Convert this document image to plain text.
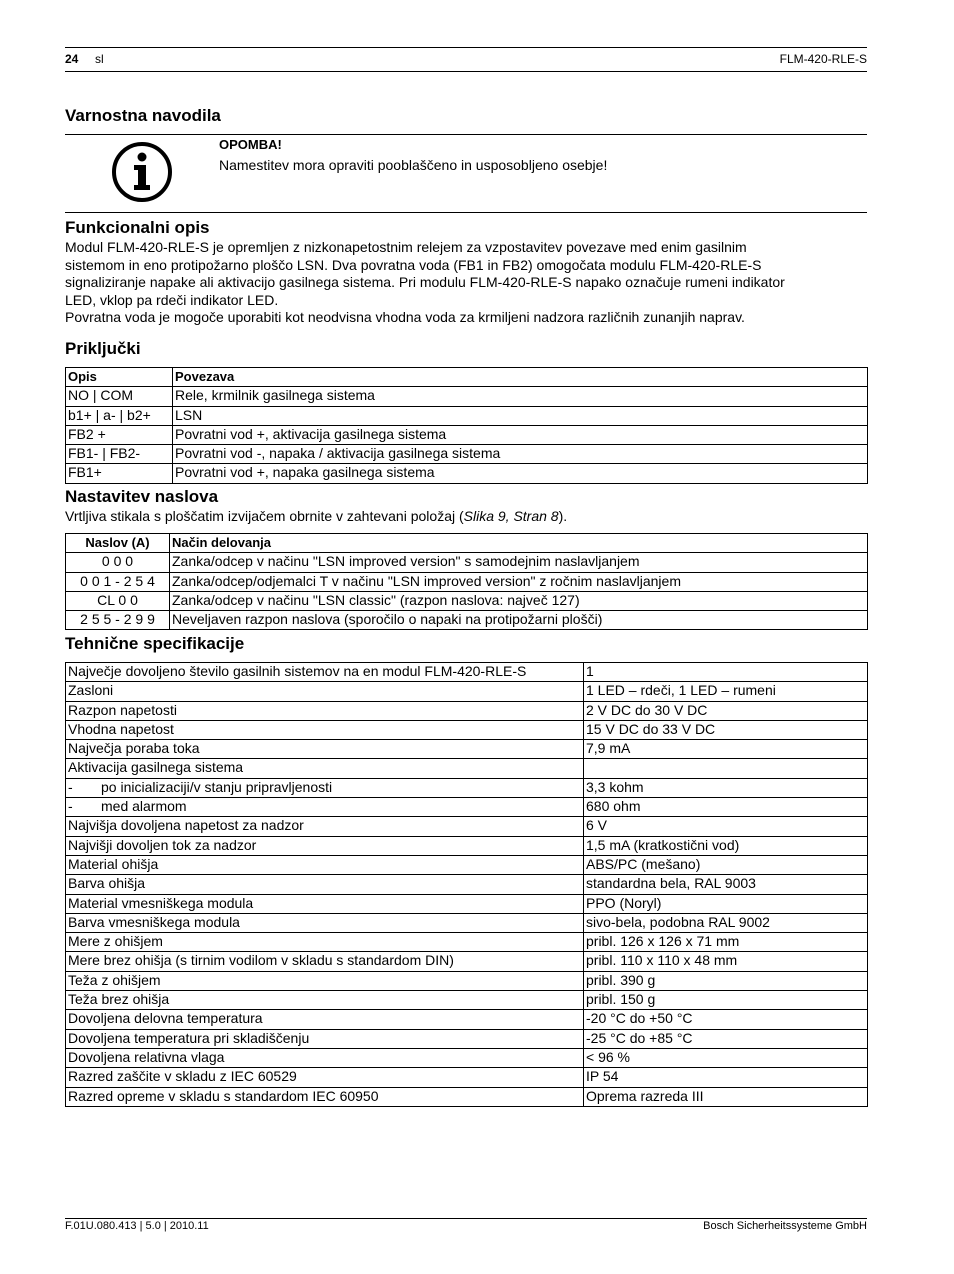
24 sl	FLM-420-RLE-S
Varnostna navodila
OPOMBA!
Namestitev mora opraviti pooblaščeno in usposobljeno osebje!
Funkcionalni opis
Modul FLM-420-RLE-S je opremljen z nizkonapetostnim relejem za vzpostavitev povezave med enim gasilnim
sistemom in eno protipožarno ploščo LSN. Dva povratna voda (FB1 in FB2) omogočata modulu FLM-420-RLE-S
signaliziranje napake ali aktivacijo gasilnega sistema. Pri modulu FLM-420-RLE-S napako označuje rumeni indikator
LED, vklop pa rdeči indikator LED.
Povratna voda je mogoče uporabiti kot neodvisna vhodna voda za krmiljeni nadzora različnih zunanjih naprav.
Priključki
Opis	Povezava
NO | COM	Rele, krmilnik gasilnega sistema
b1+ | a- | b2+	LSN
FB2 +	Povratni vod +, aktivacija gasilnega sistema
FB1- | FB2-	Povratni vod -, napaka / aktivacija gasilnega sistema
FB1+	Povratni vod +, napaka gasilnega sistema
Nastavitev naslova
Vrtljiva stikala s ploščatim izvijačem obrnite v zahtevani položaj (Slika 9, Stran 8).
Naslov (A)	Način delovanja
0 0 0	Zanka/odcep v načinu "LSN improved version" s samodejnim naslavljanjem
0 0 1 - 2 5 4	Zanka/odcep/odjemalci T v načinu "LSN improved version" z ročnim naslavljanjem
CL 0 0	Zanka/odcep v načinu "LSN classic" (razpon naslova: največ 127)
2 5 5 - 2 9 9	Neveljaven razpon naslova (sporočilo o napaki na protipožarni plošči)
Tehnične specifikacije
Največje dovoljeno število gasilnih sistemov na en modul FLM-420-RLE-S	1
Zasloni	1 LED – rdeči, 1 LED – rumeni
Razpon napetosti	2 V DC do 30 V DC
Vhodna napetost	15 V DC do 33 V DC
Največja poraba toka	7,9 mA
Aktivacija gasilnega sistema	
- po inicializaciji/v stanju pripravljenosti	3,3 kohm
- med alarmom	680 ohm
Najvišja dovoljena napetost za nadzor	6 V
Najvišji dovoljen tok za nadzor	1,5 mA (kratkostični vod)
Material ohišja	ABS/PC (mešano)
Barva ohišja	standardna bela, RAL 9003
Material vmesniškega modula	PPO (Noryl)
Barva vmesniškega modula	sivo-bela, podobna RAL 9002
Mere z ohišjem	pribl. 126 x 126 x 71 mm
Mere brez ohišja (s tirnim vodilom v skladu s standardom DIN)	pribl. 110 x 110 x 48 mm
Teža z ohišjem	pribl. 390 g
Teža brez ohišja	pribl. 150 g
Dovoljena delovna temperatura	-20 °C do +50 °C
Dovoljena temperatura pri skladiščenju	-25 °C do +85 °C
Dovoljena relativna vlaga	< 96 %
Razred zaščite v skladu z IEC 60529	IP 54
Razred opreme v skladu s standardom IEC 60950	Oprema razreda III
F.01U.080.413 | 5.0 | 2010.11	Bosch Sicherheitssysteme GmbH
